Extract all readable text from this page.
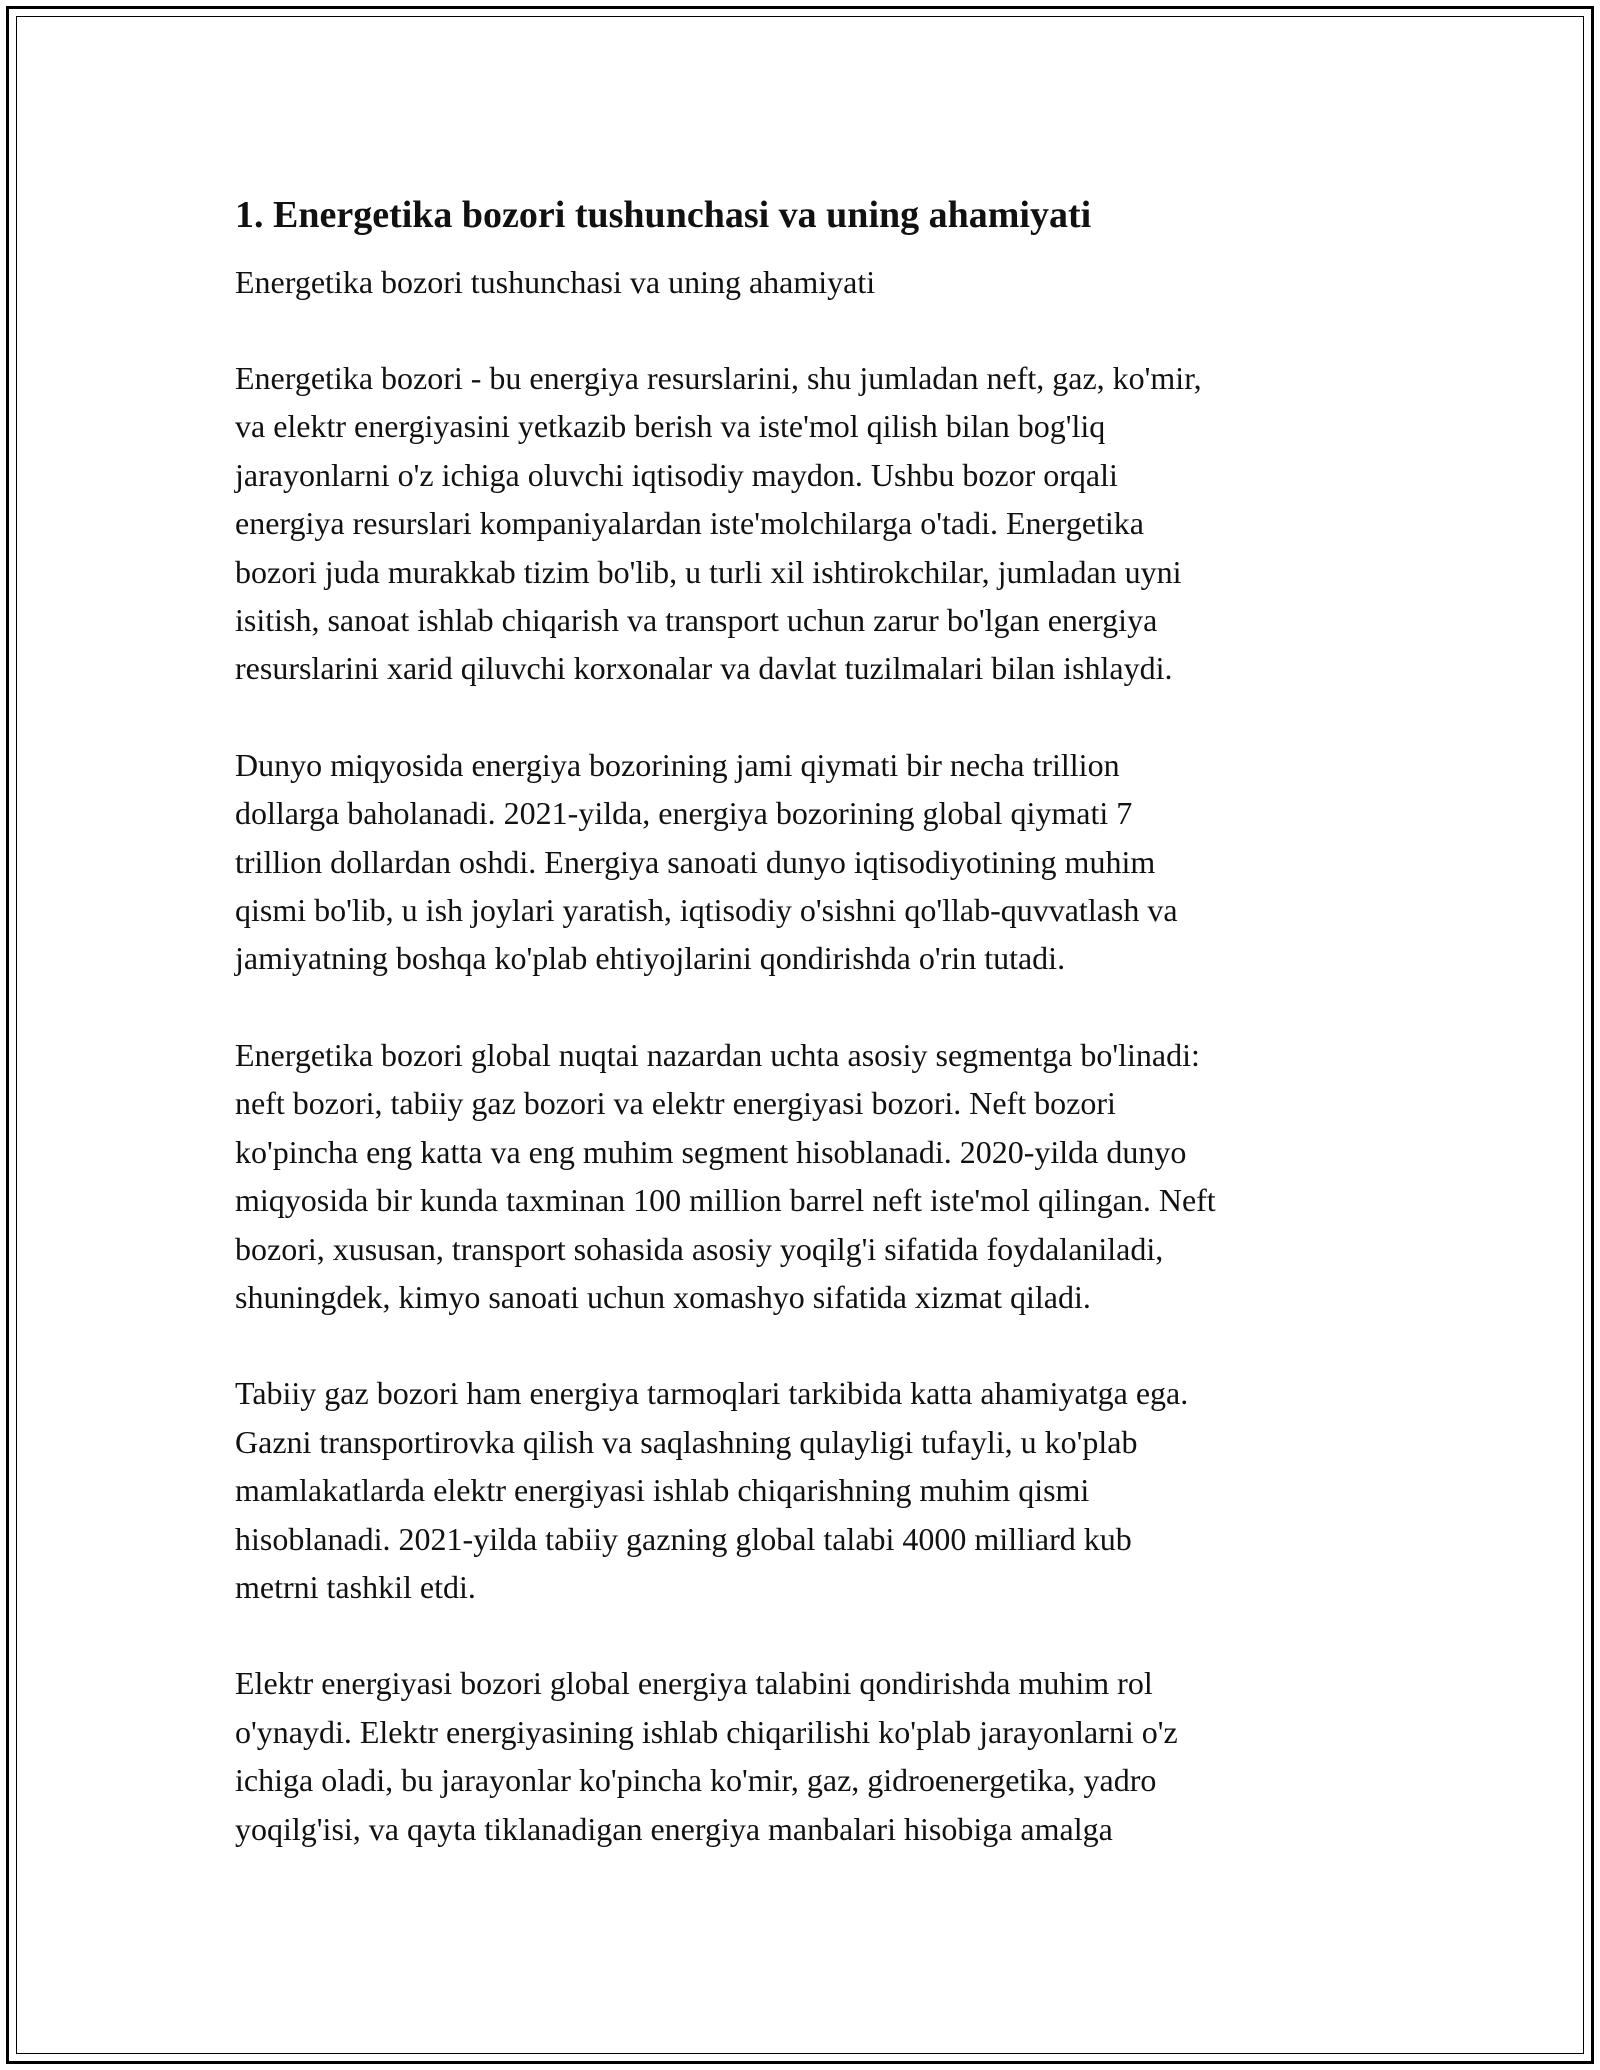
1. Energetika bozori tushunchasi va uning ahamiyati

Energetika bozori tushunchasi va uning ahamiyati

Energetika bozori - bu energiya resurslarini, shu jumladan neft, gaz, ko'mir,
va elektr energiyasini yetkazib berish va iste'mol qilish bilan bog'liq
jarayonlarni o'z ichiga oluvchi iqtisodiy maydon. Ushbu bozor orqali
energiya resurslari kompaniyalardan iste'molchilarga o'tadi. Energetika
bozori juda murakkab tizim bo'lib, u turli xil ishtirokchilar, jumladan uyni
isitish, sanoat ishlab chiqarish va transport uchun zarur bo'lgan energiya
resurslarini xarid qiluvchi korxonalar va davlat tuzilmalari bilan ishlaydi.

Dunyo miqyosida energiya bozorining jami qiymati bir necha trillion
dollarga baholanadi. 2021-yilda, energiya bozorining global qiymati 7
trillion dollardan oshdi. Energiya sanoati dunyo iqtisodiyotining muhim
qismi bo'lib, u ish joylari yaratish, iqtisodiy o'sishni qo'llab-quvvatlash va
jamiyatning boshqa ko'plab ehtiyojlarini qondirishda o'rin tutadi.

Energetika bozori global nuqtai nazardan uchta asosiy segmentga bo'linadi:
neft bozori, tabiiy gaz bozori va elektr energiyasi bozori. Neft bozori
ko'pincha eng katta va eng muhim segment hisoblanadi. 2020-yilda dunyo
miqyosida bir kunda taxminan 100 million barrel neft iste'mol qilingan. Neft
bozori, xususan, transport sohasida asosiy yoqilg'i sifatida foydalaniladi,
shuningdek, kimyo sanoati uchun xomashyo sifatida xizmat qiladi.

Tabiiy gaz bozori ham energiya tarmoqlari tarkibida katta ahamiyatga ega.
Gazni transportirovka qilish va saqlashning qulayligi tufayli, u ko'plab
mamlakatlarda elektr energiyasi ishlab chiqarishning muhim qismi
hisoblanadi. 2021-yilda tabiiy gazning global talabi 4000 milliard kub
metrni tashkil etdi.

Elektr energiyasi bozori global energiya talabini qondirishda muhim rol
o'ynaydi. Elektr energiyasining ishlab chiqarilishi ko'plab jarayonlarni o'z
ichiga oladi, bu jarayonlar ko'pincha ko'mir, gaz, gidroenergetika, yadro
yoqilg'isi, va qayta tiklanadigan energiya manbalari hisobiga amalga
